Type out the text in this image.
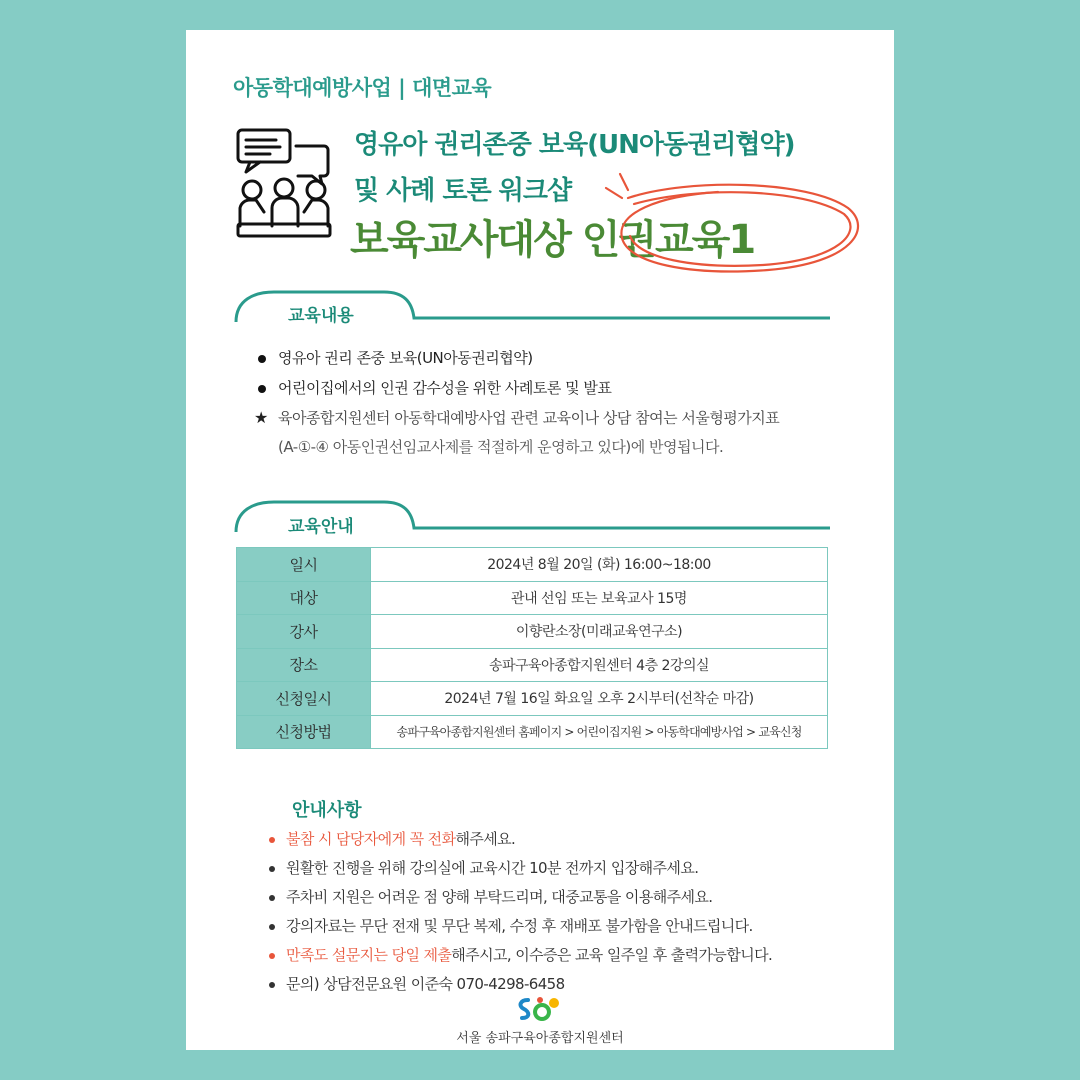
아동학대예방사업 | 대면교육
영유아 권리존중 보육(UN아동권리협약)
및 사례 토론 워크샵
보육교사대상 인권교육1
교육내용
영유아 권리 존중 보육(UN아동권리협약)
어린이집에서의 인권 감수성을 위한 사례토론 및 발표
★ 육아종합지원센터 아동학대예방사업 관련 교육이나 상담 참여는 서울형평가지표
(A-①-④ 아동인권선임교사제를 적절하게 운영하고 있다)에 반영됩니다.
교육안내
일시	2024년 8월 20일 (화) 16:00~18:00
대상	관내 선임 또는 보육교사 15명
강사	이향란소장(미래교육연구소)
장소	송파구육아종합지원센터 4층 2강의실
신청일시	2024년 7월 16일 화요일 오후 2시부터(선착순 마감)
신청방법	송파구육아종합지원센터 홈페이지 > 어린이집지원 > 아동학대예방사업 > 교육신청
안내사항
불참 시 담당자에게 꼭 전화해주세요.
원활한 진행을 위해 강의실에 교육시간 10분 전까지 입장해주세요.
주차비 지원은 어려운 점 양해 부탁드리며, 대중교통을 이용해주세요.
강의자료는 무단 전재 및 무단 복제, 수정 후 재배포 불가함을 안내드립니다.
만족도 설문지는 당일 제출해주시고, 이수증은 교육 일주일 후 출력가능합니다.
문의) 상담전문요원 이준숙 070-4298-6458
서울 송파구육아종합지원센터
